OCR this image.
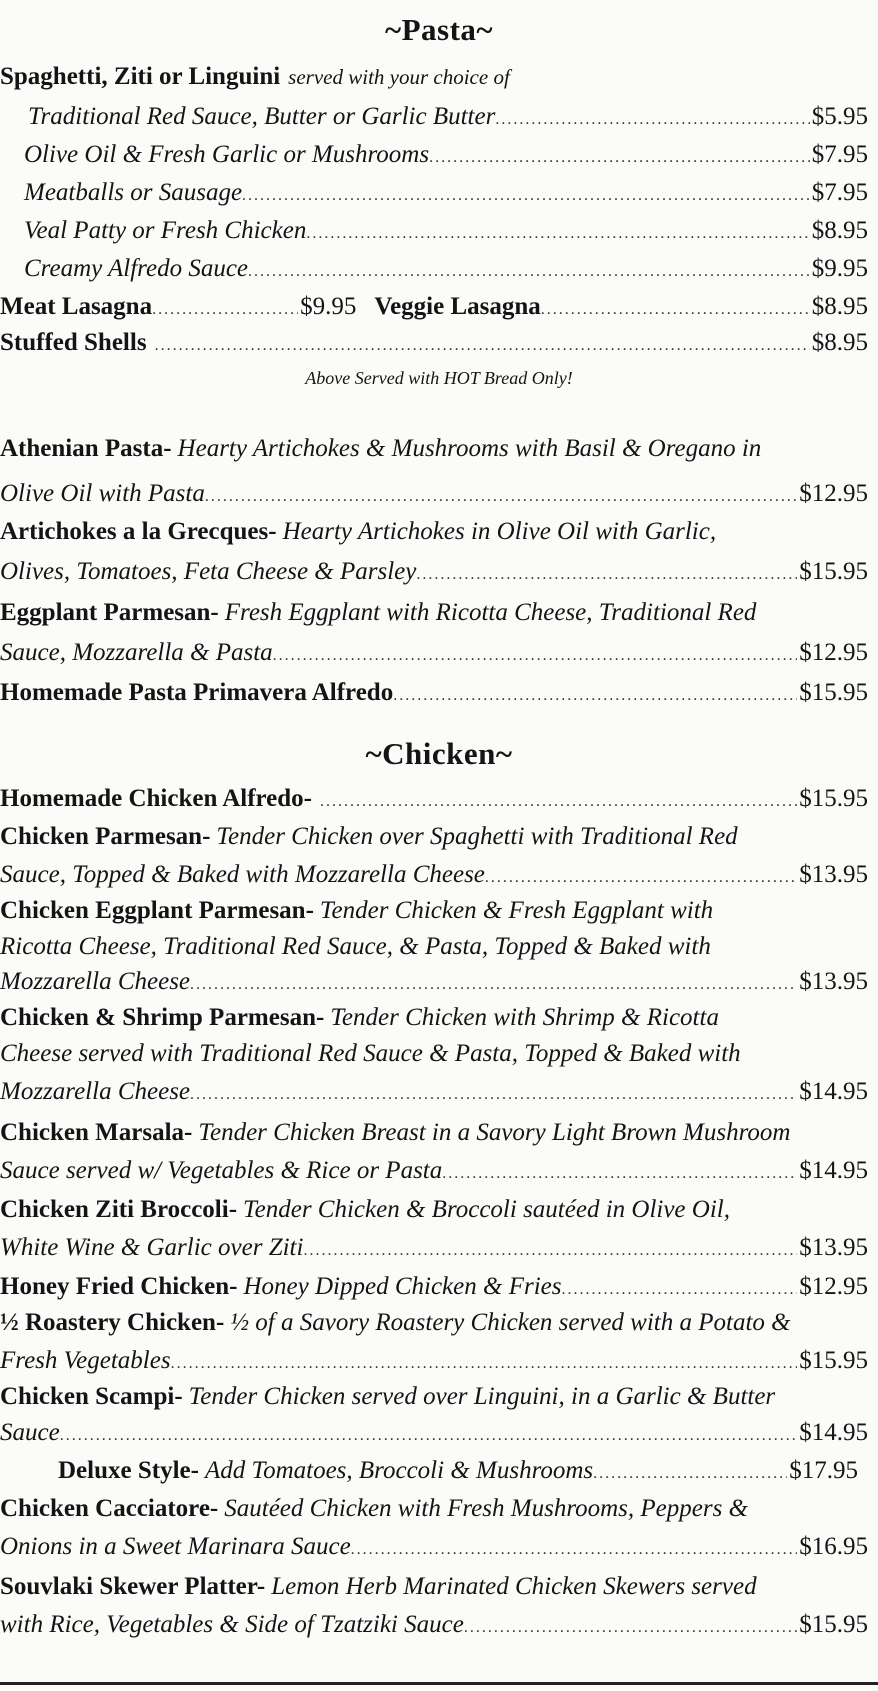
~Pasta~
Spaghetti, Ziti or Linguini served with your choice of
Traditional Red Sauce, Butter or Garlic Butter .....	$5.95
Olive Oil & Fresh Garlic or Mushrooms .....	$7.95
Meatballs or Sausage .....	$7.95
Veal Patty or Fresh Chicken .....	$8.95
Creamy Alfredo Sauce .....	$9.95
Meat Lasagna .....	$9.95 Veggie Lasagna .....	$8.95
Stuffed Shells .....	$8.95
Above Served with HOT Bread Only!
Athenian Pasta- Hearty Artichokes & Mushrooms with Basil & Oregano in
Olive Oil with Pasta .....	$12.95
Artichokes a la Grecques- Hearty Artichokes in Olive Oil with Garlic,
Olives, Tomatoes, Feta Cheese & Parsley .....	$15.95
Eggplant Parmesan- Fresh Eggplant with Ricotta Cheese, Traditional Red
Sauce, Mozzarella & Pasta .....	$12.95
Homemade Pasta Primavera Alfredo .....	$15.95
~Chicken~
Homemade Chicken Alfredo- .....	$15.95
Chicken Parmesan- Tender Chicken over Spaghetti with Traditional Red
Sauce, Topped & Baked with Mozzarella Cheese .....	$13.95
Chicken Eggplant Parmesan- Tender Chicken & Fresh Eggplant with
Ricotta Cheese, Traditional Red Sauce, & Pasta, Topped & Baked with
Mozzarella Cheese .....	$13.95
Chicken & Shrimp Parmesan- Tender Chicken with Shrimp & Ricotta
Cheese served with Traditional Red Sauce & Pasta, Topped & Baked with
Mozzarella Cheese .....	$14.95
Chicken Marsala- Tender Chicken Breast in a Savory Light Brown Mushroom
Sauce served w/ Vegetables & Rice or Pasta .....	$14.95
Chicken Ziti Broccoli- Tender Chicken & Broccoli sautéed in Olive Oil,
White Wine & Garlic over Ziti .....	$13.95
Honey Fried Chicken- Honey Dipped Chicken & Fries .....	$12.95
½ Roastery Chicken- ½ of a Savory Roastery Chicken served with a Potato &
Fresh Vegetables .....	$15.95
Chicken Scampi- Tender Chicken served over Linguini, in a Garlic & Butter
Sauce .....	$14.95
Deluxe Style- Add Tomatoes, Broccoli & Mushrooms .....	$17.95
Chicken Cacciatore- Sautéed Chicken with Fresh Mushrooms, Peppers &
Onions in a Sweet Marinara Sauce .....	$16.95
Souvlaki Skewer Platter- Lemon Herb Marinated Chicken Skewers served
with Rice, Vegetables & Side of Tzatziki Sauce .....	$15.95
